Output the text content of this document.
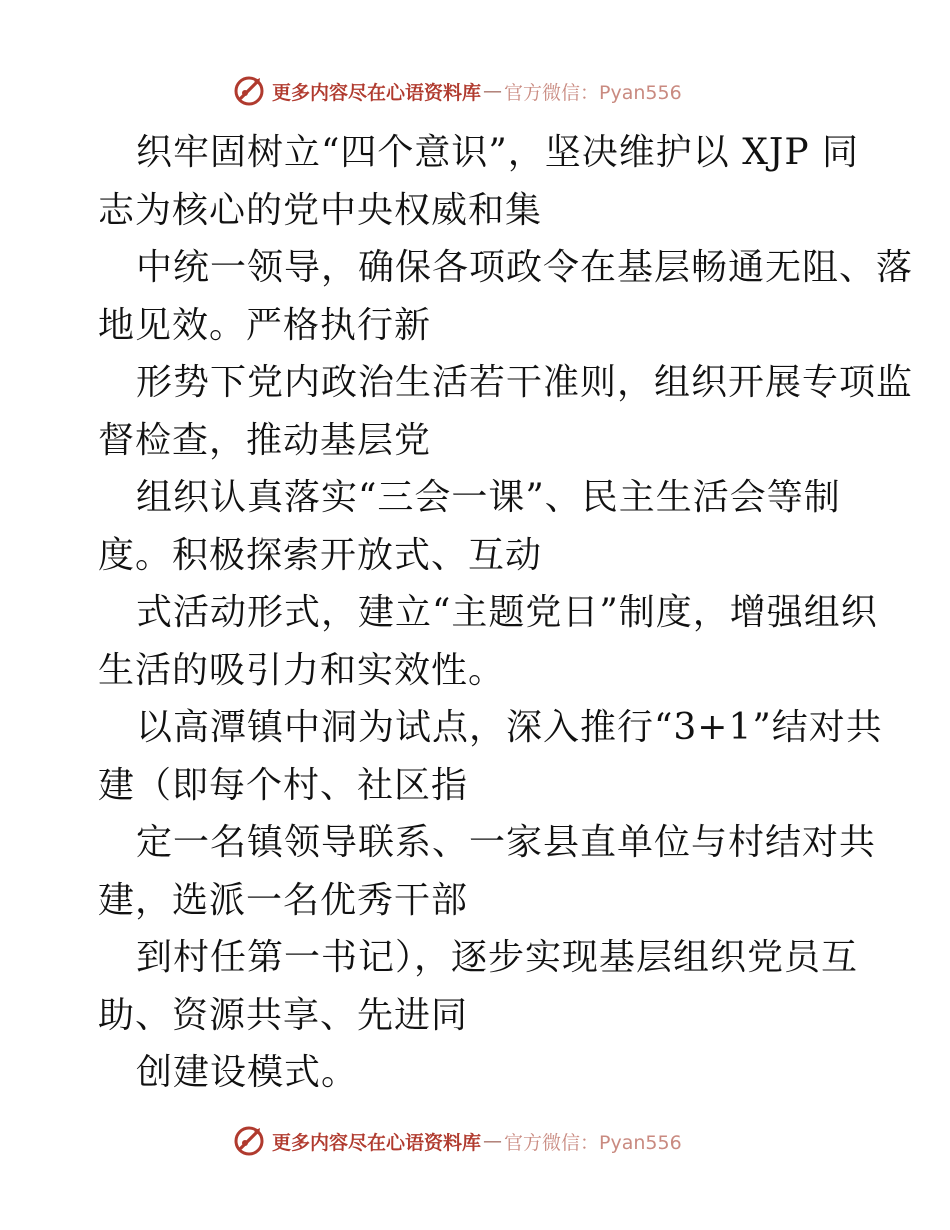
更多内容尽在心语资料库 — 官方微信：Pyan556
织牢固树立“四个意识”，坚决维护以 XJP 同
志为核心的党中央权威和集
中统一领导，确保各项政令在基层畅通无阻、落
地见效。严格执行新
形势下党内政治生活若干准则，组织开展专项监
督检查，推动基层党
组织认真落实“三会一课”、民主生活会等制
度。积极探索开放式、互动
式活动形式，建立“主题党日”制度，增强组织
生活的吸引力和实效性。
以高潭镇中洞为试点，深入推行“3+1”结对共
建（即每个村、社区指
定一名镇领导联系、一家县直单位与村结对共
建，选派一名优秀干部
到村任第一书记），逐步实现基层组织党员互
助、资源共享、先进同
创建设模式。
更多内容尽在心语资料库 — 官方微信：Pyan556
